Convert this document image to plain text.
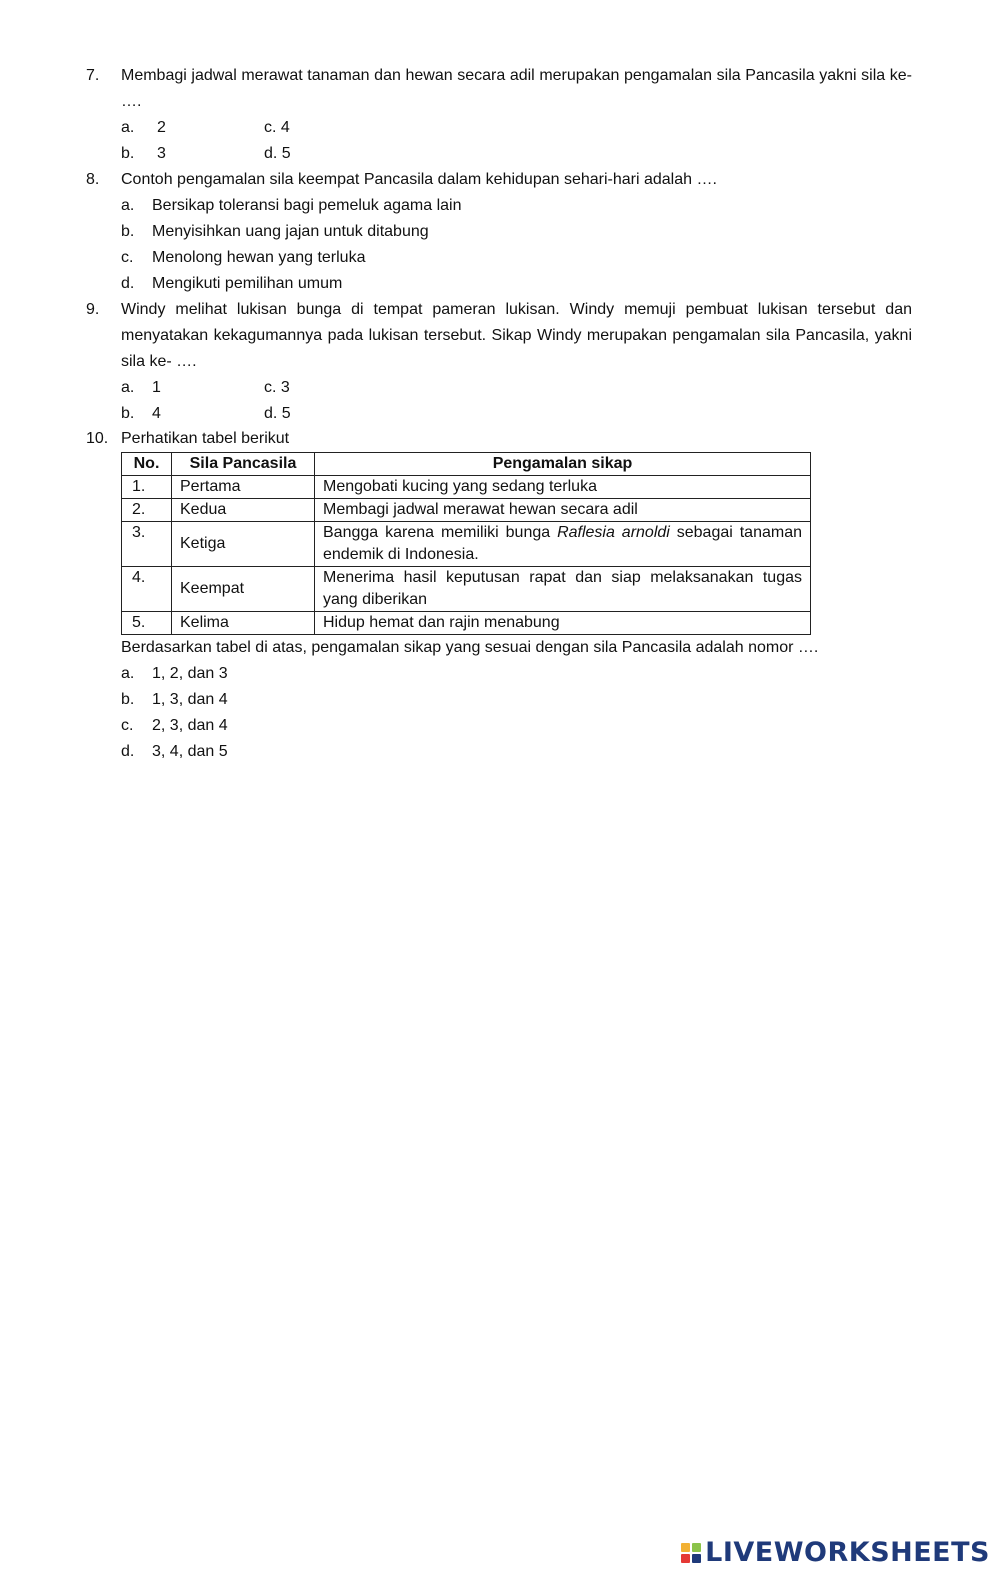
7. Membagi jadwal merawat tanaman dan hewan secara adil merupakan pengamalan sila Pancasila yakni sila ke- ….
a.	2	c. 4
b.	3	d. 5
8. Contoh pengamalan sila keempat Pancasila dalam kehidupan sehari-hari adalah ….
a.	Bersikap toleransi bagi pemeluk agama lain
b.	Menyisihkan uang jajan untuk ditabung
c.	Menolong hewan yang terluka
d.	Mengikuti pemilihan umum
9. Windy melihat lukisan bunga di tempat pameran lukisan. Windy memuji pembuat lukisan tersebut dan menyatakan kekagumannya pada lukisan tersebut. Sikap Windy merupakan pengamalan sila Pancasila, yakni sila ke- ….
a.	1	c. 3
b.	4	d. 5
10. Perhatikan tabel berikut
No.	Sila Pancasila	Pengamalan sikap
1.	Pertama	Mengobati kucing yang sedang terluka
2.	Kedua	Membagi jadwal merawat hewan secara adil
3.	Ketiga	Bangga karena memiliki bunga Raflesia arnoldi sebagai tanaman endemik di Indonesia.
4.	Keempat	Menerima hasil keputusan rapat dan siap melaksanakan tugas yang diberikan
5.	Kelima	Hidup hemat dan rajin menabung
Berdasarkan tabel di atas, pengamalan sikap yang sesuai dengan sila Pancasila adalah nomor ….
a.	1, 2, dan 3
b.	1, 3, dan 4
c.	2, 3, dan 4
d.	3, 4, dan 5
LIVEWORKSHEETS
